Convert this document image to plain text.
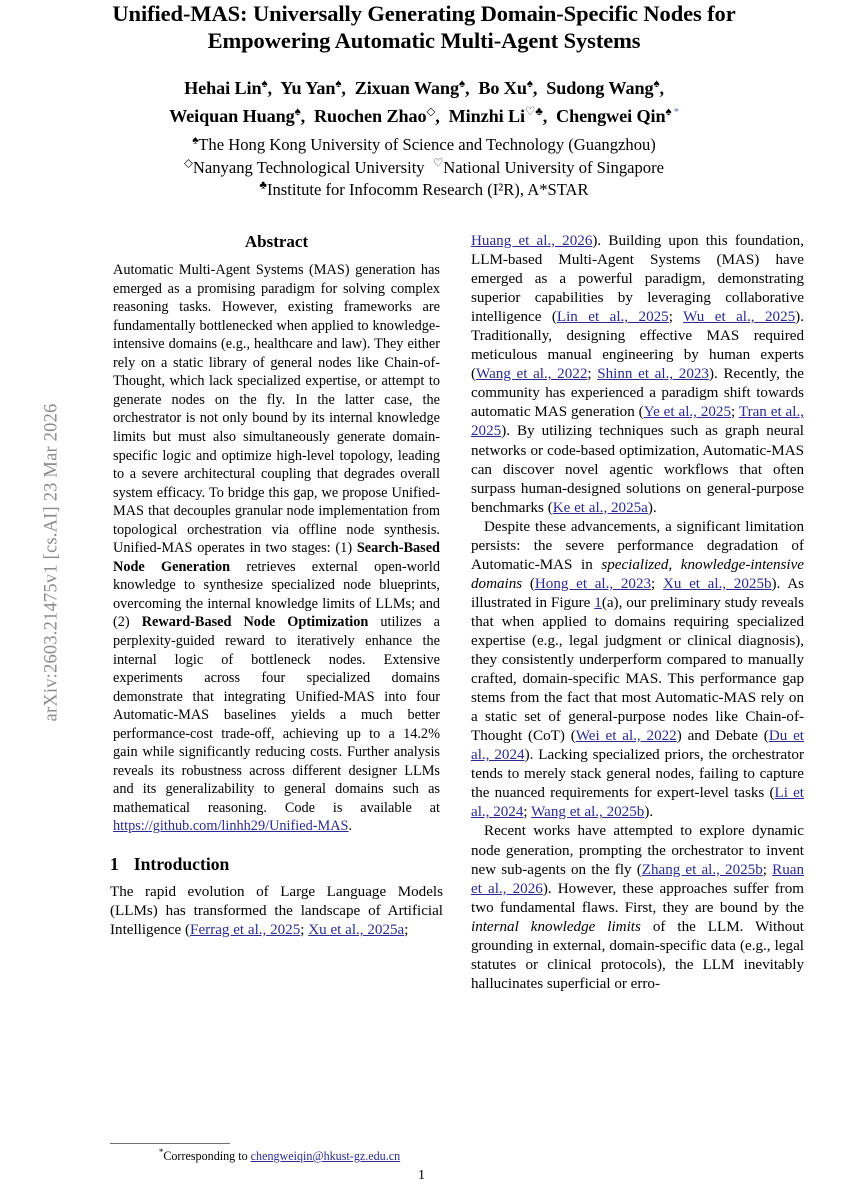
arXiv:2603.21475v1 [cs.AI] 23 Mar 2026
Unified-MAS: Universally Generating Domain-Specific Nodes for
Empowering Automatic Multi-Agent Systems
Hehai Lin♠,  Yu Yan♠,  Zixuan Wang♠,  Bo Xu♠,  Sudong Wang♠,
Weiquan Huang♠,  Ruochen Zhao◇,  Minzhi Li♡♣,  Chengwei Qin♠ *
♠The Hong Kong University of Science and Technology (Guangzhou)
◇Nanyang Technological University ♡National University of Singapore
♣Institute for Infocomm Research (I²R), A*STAR
Abstract

Automatic Multi-Agent Systems (MAS) generation has emerged as a promising paradigm for solving complex reasoning tasks. However, existing frameworks are fundamentally bottlenecked when applied to knowledge-intensive domains (e.g., healthcare and law). They either rely on a static library of general nodes like Chain-of-Thought, which lack specialized expertise, or attempt to generate nodes on the fly. In the latter case, the orchestrator is not only bound by its internal knowledge limits but must also simultaneously generate domain-specific logic and optimize high-level topology, leading to a severe architectural coupling that degrades overall system efficacy. To bridge this gap, we propose Unified-MAS that decouples granular node implementation from topological orchestration via offline node synthesis. Unified-MAS operates in two stages: (1) Search-Based Node Generation retrieves external open-world knowledge to synthesize specialized node blueprints, overcoming the internal knowledge limits of LLMs; and (2) Reward-Based Node Optimization utilizes a perplexity-guided reward to iteratively enhance the internal logic of bottleneck nodes. Extensive experiments across four specialized domains demonstrate that integrating Unified-MAS into four Automatic-MAS baselines yields a much better performance-cost trade-off, achieving up to a 14.2% gain while significantly reducing costs. Further analysis reveals its robustness across different designer LLMs and its generalizability to general domains such as mathematical reasoning. Code is available at https://github.com/linhh29/Unified-MAS.

1 Introduction

The rapid evolution of Large Language Models (LLMs) has transformed the landscape of Artificial Intelligence (Ferrag et al., 2025; Xu et al., 2025a;

Huang et al., 2026). Building upon this foundation, LLM-based Multi-Agent Systems (MAS) have emerged as a powerful paradigm, demonstrating superior capabilities by leveraging collaborative intelligence (Lin et al., 2025; Wu et al., 2025). Traditionally, designing effective MAS required meticulous manual engineering by human experts (Wang et al., 2022; Shinn et al., 2023). Recently, the community has experienced a paradigm shift towards automatic MAS generation (Ye et al., 2025; Tran et al., 2025). By utilizing techniques such as graph neural networks or code-based optimization, Automatic-MAS can discover novel agentic workflows that often surpass human-designed solutions on general-purpose benchmarks (Ke et al., 2025a).

Despite these advancements, a significant limitation persists: the severe performance degradation of Automatic-MAS in specialized, knowledge-intensive domains (Hong et al., 2023; Xu et al., 2025b). As illustrated in Figure 1(a), our preliminary study reveals that when applied to domains requiring specialized expertise (e.g., legal judgment or clinical diagnosis), they consistently underperform compared to manually crafted, domain-specific MAS. This performance gap stems from the fact that most Automatic-MAS rely on a static set of general-purpose nodes like Chain-of-Thought (CoT) (Wei et al., 2022) and Debate (Du et al., 2024). Lacking specialized priors, the orchestrator tends to merely stack general nodes, failing to capture the nuanced requirements for expert-level tasks (Li et al., 2024; Wang et al., 2025b).

Recent works have attempted to explore dynamic node generation, prompting the orchestrator to invent new sub-agents on the fly (Zhang et al., 2025b; Ruan et al., 2026). However, these approaches suffer from two fundamental flaws. First, they are bound by the internal knowledge limits of the LLM. Without grounding in external, domain-specific data (e.g., legal statutes or clinical protocols), the LLM inevitably hallucinates superficial or erro-

*Corresponding to chengweiqin@hkust-gz.edu.cn
1
